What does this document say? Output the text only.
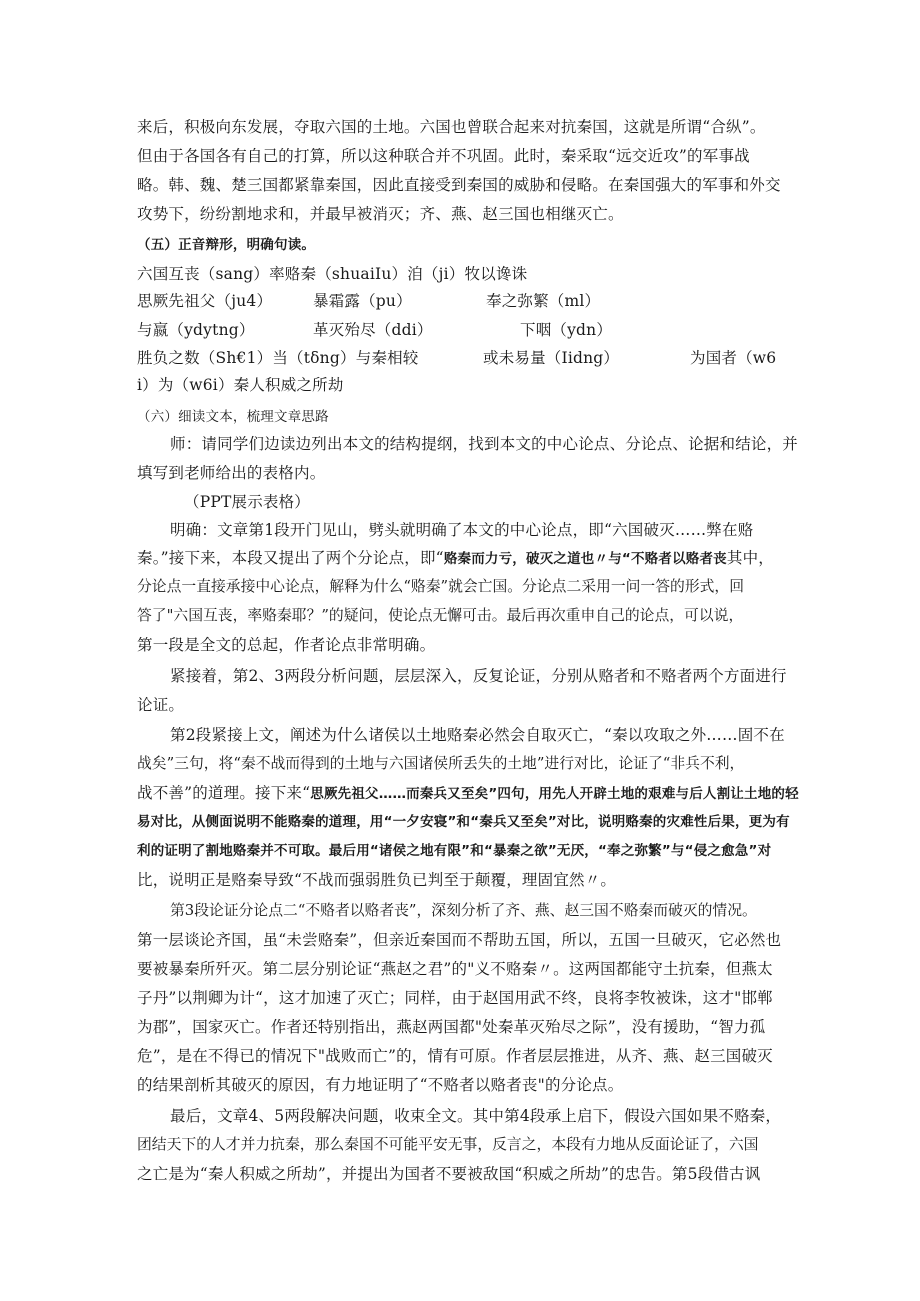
来后，积极向东发展，夺取六国的土地。六国也曾联合起来对抗秦国，这就是所谓“合纵”。
但由于各国各有自己的打算，所以这种联合并不巩固。此时，秦采取“远交近攻”的军事战
略。韩、魏、楚三国都紧靠秦国，因此直接受到秦国的威胁和侵略。在秦国强大的军事和外交
攻势下，纷纷割地求和，并最早被消灭；齐、燕、赵三国也相继灭亡。
（五）正音辩形，明确句读。
六国互丧（sang）率赂秦（shuaiIu）洎（ji）牧以谗诛
思厥先祖父（ju4）	暴霜露（pu）	奉之弥繁（ml）
与嬴（ydytng）	革灭殆尽（ddi）	下咽（ydn）
胜负之数（Sh€1）当（tδng）与秦相较	或未易量（Iidng）	为国者（w6
i）为（w6i）秦人积威之所劫
（六）细读文本，梳理文章思路
师：请同学们边读边列出本文的结构提纲，找到本文的中心论点、分论点、论据和结论，并
填写到老师给出的表格内。
（PPT展示表格）
明确：文章第1段开门见山，劈头就明确了本文的中心论点，即“六国破灭……弊在赂
秦。”接下来，本段又提出了两个分论点，即“赂秦而力亏，破灭之道也〃与“不赂者以赂者丧其中，
分论点一直接承接中心论点，解释为什么“赂秦”就会亡国。分论点二采用一问一答的形式，回
答了"六国互丧，率赂秦耶？”的疑问，使论点无懈可击。最后再次重申自己的论点，可以说，
第一段是全文的总起，作者论点非常明确。
紧接着，第2、3两段分析问题，层层深入，反复论证，分别从赂者和不赂者两个方面进行
论证。
第2段紧接上文，阐述为什么诸侯以土地赂秦必然会自取灭亡，“秦以攻取之外……固不在
战矣”三句，将“秦不战而得到的土地与六国诸侯所丢失的土地”进行对比，论证了“非兵不利，
战不善”的道理。接下来“思厥先祖父……而秦兵又至矣”四句，用先人开辟土地的艰难与后人割让土地的轻
易对比，从侧面说明不能赂秦的道理，用“一夕安寝”和“秦兵又至矣”对比，说明赂秦的灾难性后果，更为有
利的证明了割地赂秦并不可取。最后用“诸侯之地有限”和“暴秦之欲”无厌，“奉之弥繁”与“侵之愈急”对
比，说明正是赂秦导致“不战而强弱胜负已判至于颠覆，理固宜然〃。
第3段论证分论点二“不赂者以赂者丧”，深刻分析了齐、燕、赵三国不赂秦而破灭的情况。
第一层谈论齐国，虽“未尝赂秦”，但亲近秦国而不帮助五国，所以，五国一旦破灭，它必然也
要被暴秦所歼灭。第二层分别论证“燕赵之君”的"义不赂秦〃。这两国都能守土抗秦，但燕太
子丹”以荆卿为计“，这才加速了灭亡；同样，由于赵国用武不终，良将李牧被诛，这才"邯郸
为郡”，国家灭亡。作者还特别指出，燕赵两国都"处秦革灭殆尽之际”，没有援助，“智力孤
危”，是在不得已的情况下"战败而亡”的，情有可原。作者层层推进，从齐、燕、赵三国破灭
的结果剖析其破灭的原因，有力地证明了“不赂者以赂者丧"的分论点。
最后，文章4、5两段解决问题，收束全文。其中第4段承上启下，假设六国如果不赂秦，
团结天下的人才并力抗秦，那么秦国不可能平安无事，反言之，本段有力地从反面论证了，六国
之亡是为“秦人积威之所劫”，并提出为国者不要被敌国“积威之所劫”的忠告。第5段借古讽
